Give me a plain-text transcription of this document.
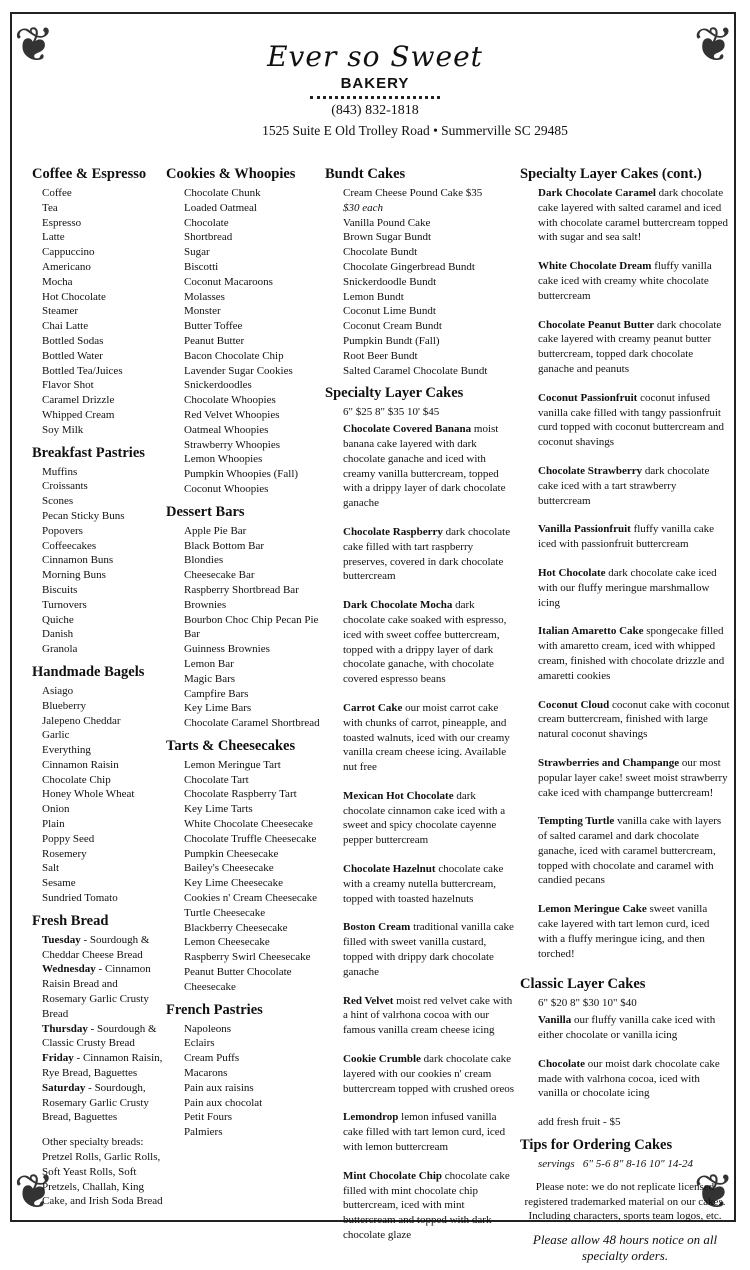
❦	❦
❦	❦
Ever so Sweet
BAKERY
(843) 832-1818
1525 Suite E Old Trolley Road • Summerville SC 29485
Coffee & Espresso
Coffee
Tea
Espresso
Latte
Cappuccino
Americano
Mocha
Hot Chocolate
Steamer
Chai Latte
Bottled Sodas
Bottled Water
Bottled Tea/Juices
Flavor Shot
Caramel Drizzle
Whipped Cream
Soy Milk
Breakfast Pastries
Muffins
Croissants
Scones
Pecan Sticky Buns
Popovers
Coffeecakes
Cinnamon Buns
Morning Buns
Biscuits
Turnovers
Quiche
Danish
Granola
Handmade Bagels
Asiago
Blueberry
Jalepeno Cheddar
Garlic
Everything
Cinnamon Raisin
Chocolate Chip
Honey Whole Wheat
Onion
Plain
Poppy Seed
Rosemery
Salt
Sesame
Sundried Tomato
Fresh Bread
Tuesday - Sourdough & Cheddar Cheese Bread
Wednesday - Cinnamon Raisin Bread and Rosemary Garlic Crusty Bread
Thursday - Sourdough & Classic Crusty Bread
Friday - Cinnamon Raisin, Rye Bread, Baguettes
Saturday - Sourdough, Rosemary Garlic Crusty Bread, Baguettes
Other specialty breads: Pretzel Rolls, Garlic Rolls, Soft Yeast Rolls, Soft Pretzels, Challah, King Cake, and Irish Soda Bread
Cookies & Whoopies
Chocolate Chunk
Loaded Oatmeal
Chocolate
Shortbread
Sugar
Biscotti
Coconut Macaroons
Molasses
Monster
Butter Toffee
Peanut Butter
Bacon Chocolate Chip
Lavender Sugar Cookies
Snickerdoodles
Chocolate Whoopies
Red Velvet Whoopies
Oatmeal Whoopies
Strawberry Whoopies
Lemon Whoopies
Pumpkin Whoopies (Fall)
Coconut Whoopies
Dessert Bars
Apple Pie Bar
Black Bottom Bar
Blondies
Cheesecake Bar
Raspberry Shortbread Bar
Brownies
Bourbon Choc Chip Pecan Pie Bar
Guinness Brownies
Lemon Bar
Magic Bars
Campfire Bars
Key Lime Bars
Chocolate Caramel Shortbread
Tarts & Cheesecakes
Lemon Meringue Tart
Chocolate Tart
Chocolate Raspberry Tart
Key Lime Tarts
White Chocolate Cheesecake
Chocolate Truffle Cheesecake
Pumpkin Cheesecake
Bailey's Cheesecake
Key Lime Cheesecake
Cookies n' Cream Cheesecake
Turtle Cheesecake
Blackberry Cheesecake
Lemon Cheesecake
Raspberry Swirl Cheesecake
Peanut Butter Chocolate Cheesecake
French Pastries
Napoleons
Eclairs
Cream Puffs
Macarons
Pain aux raisins
Pain aux chocolat
Petit Fours
Palmiers
Bundt Cakes
Cream Cheese Pound Cake $35
$30 each
Vanilla Pound Cake
Brown Sugar Bundt
Chocolate Bundt
Chocolate Gingerbread Bundt
Snickerdoodle Bundt
Lemon Bundt
Coconut Lime Bundt
Coconut Cream Bundt
Pumpkin Bundt (Fall)
Root Beer Bundt
Salted Caramel Chocolate Bundt
Specialty Layer Cakes
6" $25 8" $35 10' $45
Chocolate Covered Banana moist banana cake layered with dark chocolate ganache and iced with creamy vanilla buttercream, topped with a drippy layer of dark chocolate ganache
Chocolate Raspberry dark chocolate cake filled with tart raspberry preserves, covered in dark chocolate buttercream
Dark Chocolate Mocha dark chocolate cake soaked with espresso, iced with sweet coffee buttercream, topped with a drippy layer of dark chocolate ganache, with chocolate covered espresso beans
Carrot Cake our moist carrot cake with chunks of carrot, pineapple, and toasted walnuts, iced with our creamy vanilla cream cheese icing. Available nut free
Mexican Hot Chocolate dark chocolate cinnamon cake iced with a sweet and spicy chocolate cayenne pepper buttercream
Chocolate Hazelnut chocolate cake with a creamy nutella buttercream, topped with toasted hazelnuts
Boston Cream traditional vanilla cake filled with sweet vanilla custard, topped with drippy dark chocolate ganache
Red Velvet moist red velvet cake with a hint of valrhona cocoa with our famous vanilla cream cheese icing
Cookie Crumble dark chocolate cake layered with our cookies n' cream buttercream topped with crushed oreos
Lemondrop lemon infused vanilla cake filled with tart lemon curd, iced with lemon buttercream
Mint Chocolate Chip chocolate cake filled with mint chocolate chip buttercream, iced with mint buttercream and topped with dark chocolate glaze
Specialty Layer Cakes (cont.)
Dark Chocolate Caramel dark chocolate cake layered with salted caramel and iced with chocolate caramel buttercream topped with sugar and sea salt!
White Chocolate Dream fluffy vanilla cake iced with creamy white chocolate buttercream
Chocolate Peanut Butter dark chocolate cake layered with creamy peanut butter buttercream, topped dark chocolate ganache and peanuts
Coconut Passionfruit coconut infused vanilla cake filled with tangy passionfruit curd topped with coconut buttercream and coconut shavings
Chocolate Strawberry dark chocolate cake iced with a tart strawberry buttercream
Vanilla Passionfruit fluffy vanilla cake iced with passionfruit buttercream
Hot Chocolate dark chocolate cake iced with our fluffy meringue marshmallow icing
Italian Amaretto Cake spongecake filled with amaretto cream, iced with whipped cream, finished with chocolate drizzle and amaretti cookies
Coconut Cloud coconut cake with coconut cream buttercream, finished with large natural coconut shavings
Strawberries and Champange our most popular layer cake! sweet moist strawberry cake iced with champange buttercream!
Tempting Turtle vanilla cake with layers of salted caramel and dark chocolate ganache, iced with caramel buttercream, topped with chocolate and caramel with candied pecans
Lemon Meringue Cake sweet vanilla cake layered with tart lemon curd, iced with a fluffy meringue icing, and then torched!
Classic Layer Cakes
6" $20 8" $30 10" $40
Vanilla our fluffy vanilla cake iced with either chocolate or vanilla icing
Chocolate our moist dark chocolate cake made with valrhona cocoa, iced with vanilla or chocolate icing
add fresh fruit - $5
Tips for Ordering Cakes
servings 6" 5-6 8" 8-16 10" 14-24
Please note: we do not replicate licensed registered trademarked material on our cakes. Including characters, sports team logos, etc.
Please allow 48 hours notice on all specialty orders.
